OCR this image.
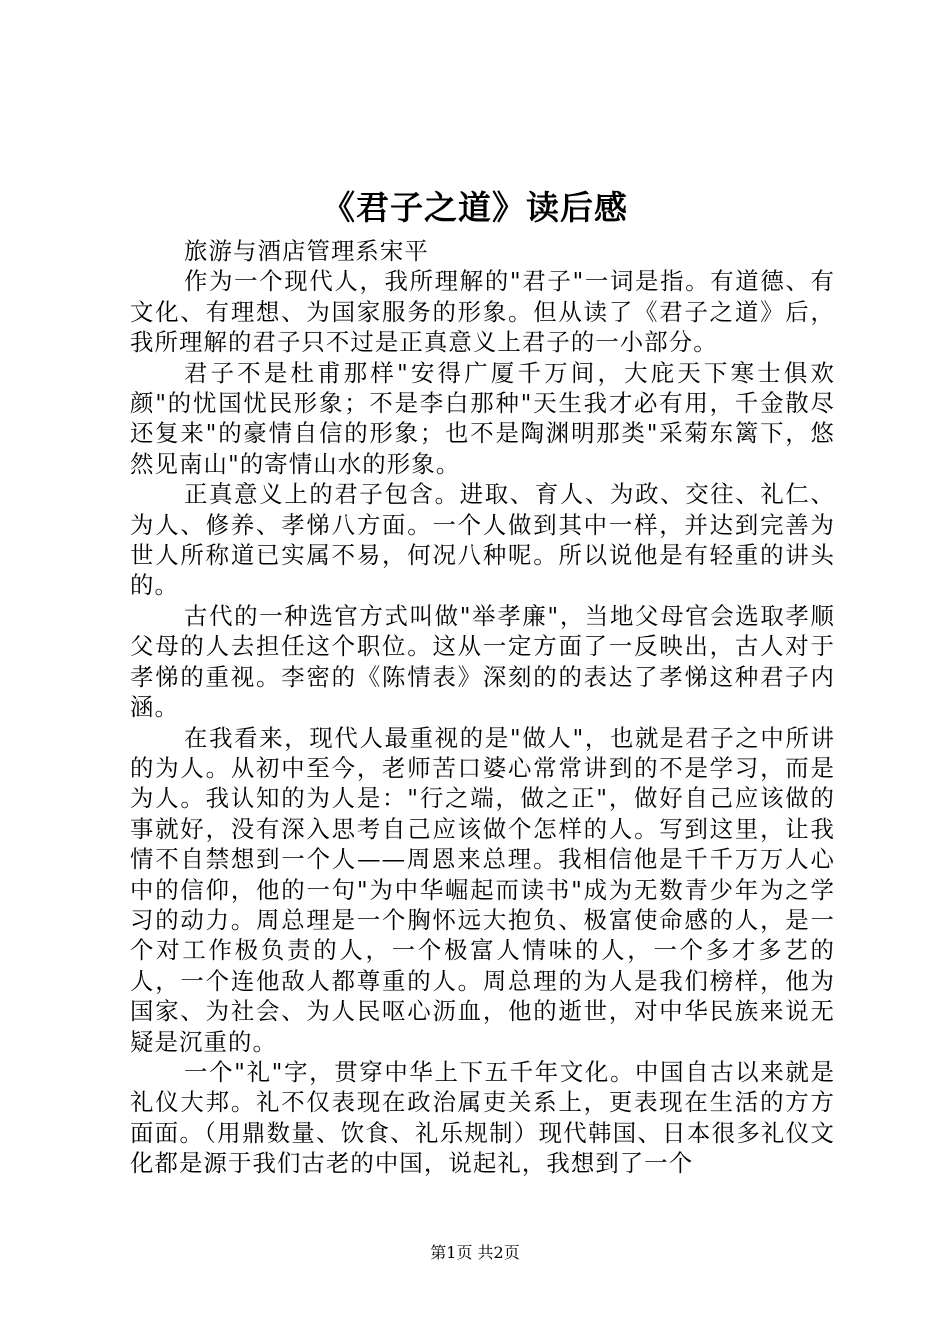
《君子之道》读后感

旅游与酒店管理系宋平

作为一个现代人，我所理解的"君子"一词是指。有道德、有文化、有理想、为国家服务的形象。但从读了《君子之道》后，我所理解的君子只不过是正真意义上君子的一小部分。

君子不是杜甫那样"安得广厦千万间，大庇天下寒士俱欢颜"的忧国忧民形象；不是李白那种"天生我才必有用，千金散尽还复来"的豪情自信的形象；也不是陶渊明那类"采菊东篱下，悠然见南山"的寄情山水的形象。

正真意义上的君子包含。进取、育人、为政、交往、礼仁、为人、修养、孝悌八方面。一个人做到其中一样，并达到完善为世人所称道已实属不易，何况八种呢。所以说他是有轻重的讲头的。

古代的一种选官方式叫做"举孝廉"，当地父母官会选取孝顺父母的人去担任这个职位。这从一定方面了一反映出，古人对于孝悌的重视。李密的《陈情表》深刻的的表达了孝悌这种君子内涵。

在我看来，现代人最重视的是"做人"，也就是君子之中所讲的为人。从初中至今，老师苦口婆心常常讲到的不是学习，而是为人。我认知的为人是："行之端，做之正"，做好自己应该做的事就好，没有深入思考自己应该做个怎样的人。写到这里，让我情不自禁想到一个人——周恩来总理。我相信他是千千万万人心中的信仰，他的一句"为中华崛起而读书"成为无数青少年为之学习的动力。周总理是一个胸怀远大抱负、极富使命感的人，是一个对工作极负责的人，一个极富人情味的人，一个多才多艺的人，一个连他敌人都尊重的人。周总理的为人是我们榜样，他为国家、为社会、为人民呕心沥血，他的逝世，对中华民族来说无疑是沉重的。

一个"礼"字，贯穿中华上下五千年文化。中国自古以来就是礼仪大邦。礼不仅表现在政治属吏关系上，更表现在生活的方方面面。（用鼎数量、饮食、礼乐规制）现代韩国、日本很多礼仪文化都是源于我们古老的中国，说起礼，我想到了一个

第1页 共2页
